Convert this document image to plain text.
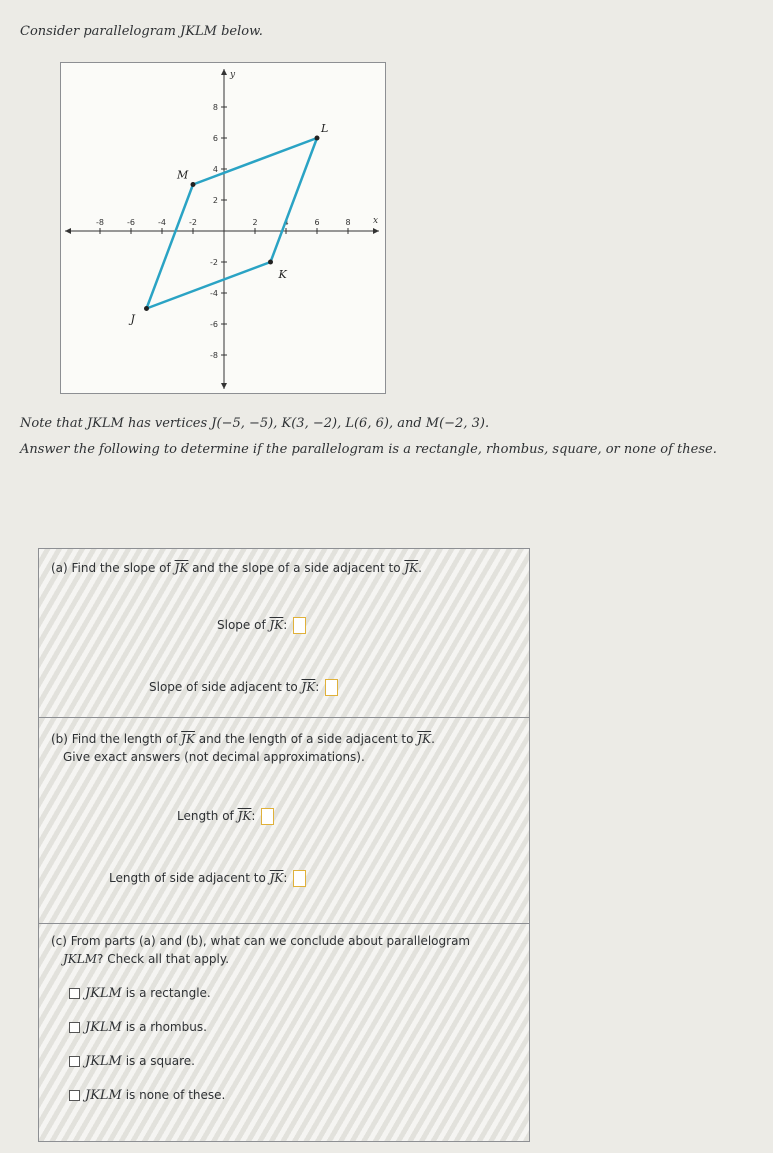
Consider parallelogram JKLM below.
x
y
-8	-6	-4	-2	2	4	6	8
8
6
4
2
-2
-4
-6
-8
J
K
L
M
Note that JKLM has vertices J(−5, −5), K(3, −2), L(6, 6), and M(−2, 3).
Answer the following to determine if the parallelogram is a rectangle, rhombus, square, or none of these.
(a) Find the slope of $\overline{JK}$ and the slope of a side adjacent to $\overline{JK}$.
Slope of $\overline{JK}$:
Slope of side adjacent to $\overline{JK}$:
(b) Find the length of $\overline{JK}$ and the length of a side adjacent to $\overline{JK}$.
Give exact answers (not decimal approximations).
Length of $\overline{JK}$:
Length of side adjacent to $\overline{JK}$:
(c) From parts (a) and (b), what can we conclude about parallelogram
JKLM? Check all that apply.
JKLM is a rectangle.
JKLM is a rhombus.
JKLM is a square.
JKLM is none of these.
